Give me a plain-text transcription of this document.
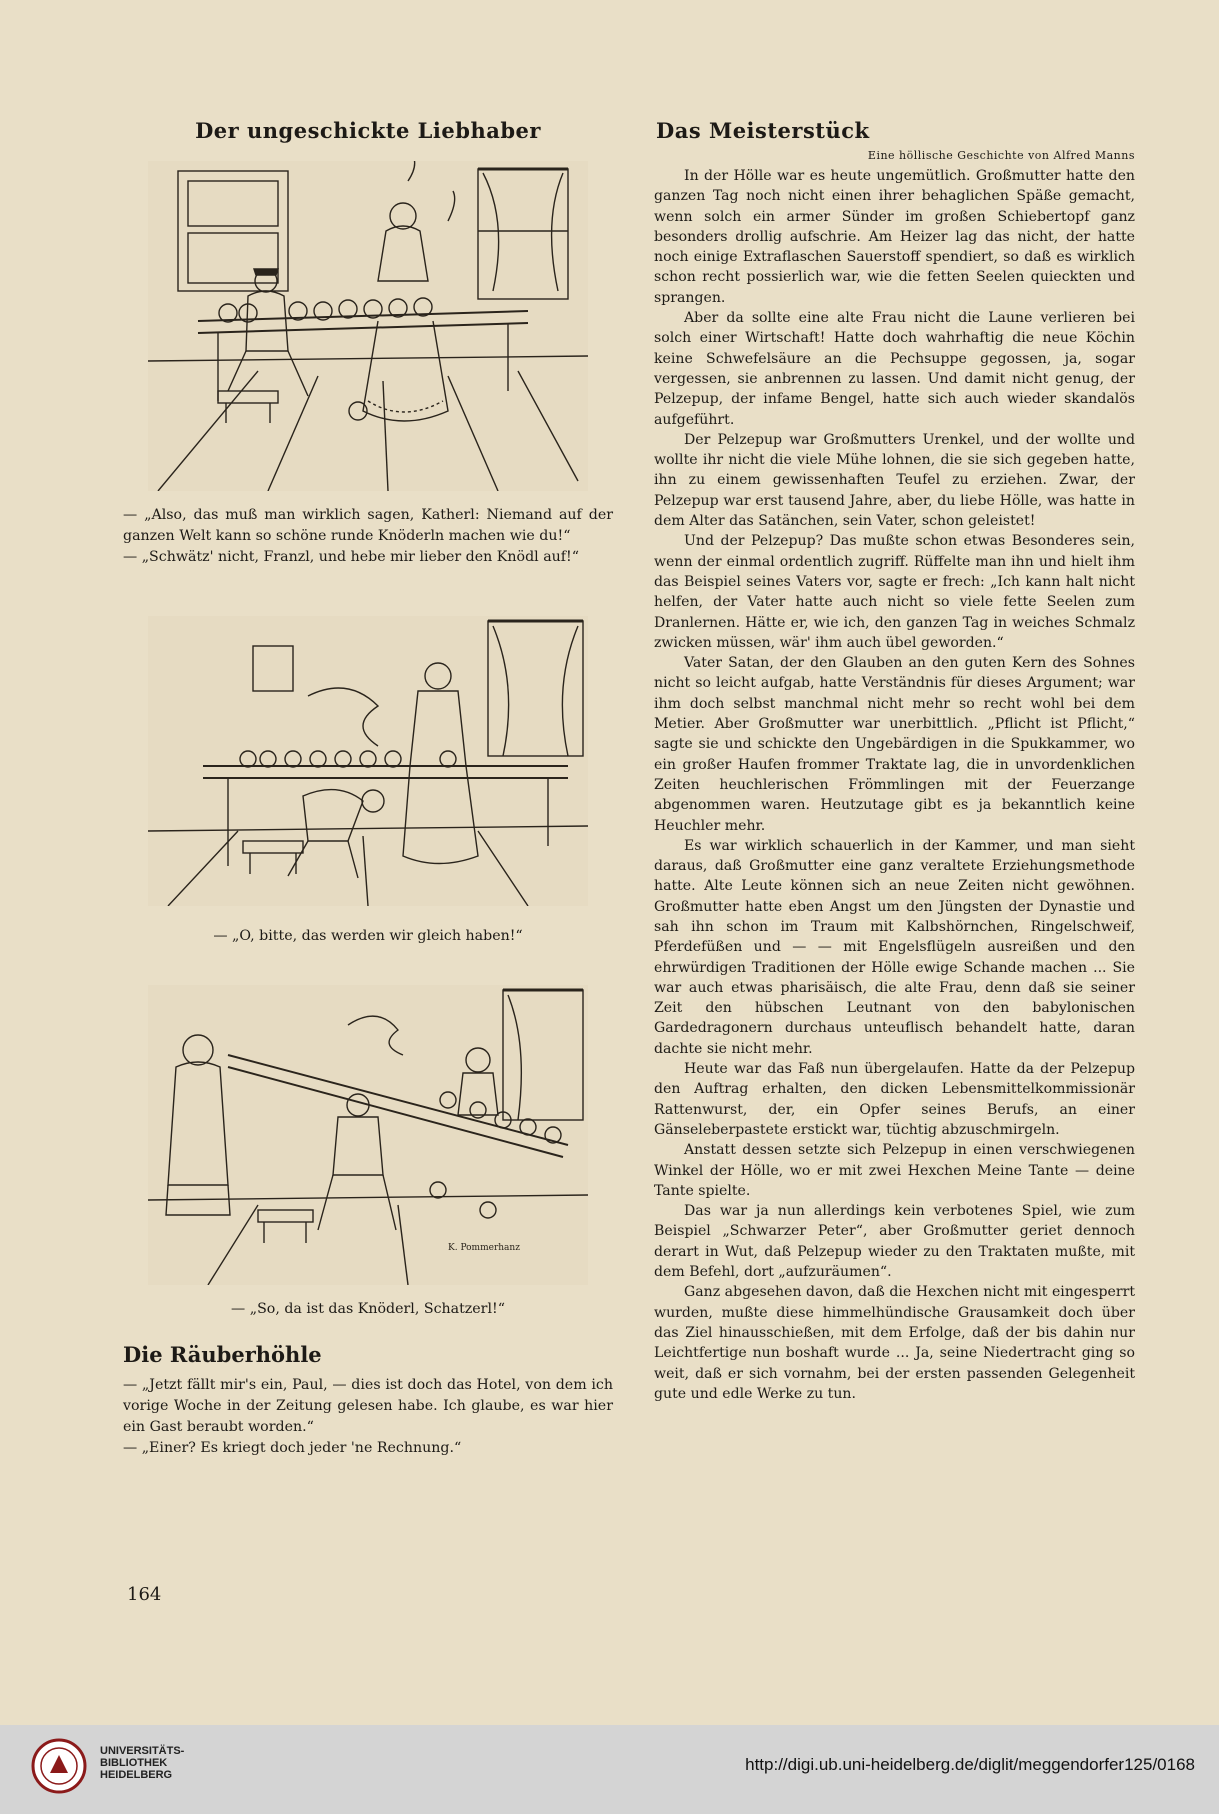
Der ungeschickte Liebhaber

— „Also, das muß man wirklich sagen, Katherl: Niemand auf der ganzen Welt kann so schöne runde Knöderln machen wie du!“

— „Schwätz' nicht, Franzl, und hebe mir lieber den Knödl auf!“

— „O, bitte, das werden wir gleich haben!“

K. Pommerhanz

— „So, da ist das Knöderl, Schatzerl!“

Die Räuberhöhle

— „Jetzt fällt mir's ein, Paul, — dies ist doch das Hotel, von dem ich vorige Woche in der Zeitung gelesen habe. Ich glaube, es war hier ein Gast beraubt worden.“

— „Einer? Es kriegt doch jeder 'ne Rechnung.“

164
Das Meisterstück
Eine höllische Geschichte von Alfred Manns

In der Hölle war es heute ungemütlich. Großmutter hatte den ganzen Tag noch nicht einen ihrer behaglichen Späße gemacht, wenn solch ein armer Sünder im großen Schiebertopf ganz besonders drollig aufschrie. Am Heizer lag das nicht, der hatte noch einige Extraflaschen Sauerstoff spendiert, so daß es wirklich schon recht possierlich war, wie die fetten Seelen quieckten und sprangen.

Aber da sollte eine alte Frau nicht die Laune verlieren bei solch einer Wirtschaft! Hatte doch wahrhaftig die neue Köchin keine Schwefelsäure an die Pechsuppe gegossen, ja, sogar vergessen, sie anbrennen zu lassen. Und damit nicht genug, der Pelzepup, der infame Bengel, hatte sich auch wieder skandalös aufgeführt.

Der Pelzepup war Großmutters Urenkel, und der wollte und wollte ihr nicht die viele Mühe lohnen, die sie sich gegeben hatte, ihn zu einem gewissenhaften Teufel zu erziehen. Zwar, der Pelzepup war erst tausend Jahre, aber, du liebe Hölle, was hatte in dem Alter das Satänchen, sein Vater, schon geleistet!

Und der Pelzepup? Das mußte schon etwas Besonderes sein, wenn der einmal ordentlich zugriff. Rüffelte man ihn und hielt ihm das Beispiel seines Vaters vor, sagte er frech: „Ich kann halt nicht helfen, der Vater hatte auch nicht so viele fette Seelen zum Dranlernen. Hätte er, wie ich, den ganzen Tag in weiches Schmalz zwicken müssen, wär' ihm auch übel geworden.“

Vater Satan, der den Glauben an den guten Kern des Sohnes nicht so leicht aufgab, hatte Verständnis für dieses Argument; war ihm doch selbst manchmal nicht mehr so recht wohl bei dem Metier. Aber Großmutter war unerbittlich. „Pflicht ist Pflicht,“ sagte sie und schickte den Ungebärdigen in die Spukkammer, wo ein großer Haufen frommer Traktate lag, die in unvordenklichen Zeiten heuchlerischen Frömmlingen mit der Feuerzange abgenommen waren. Heutzutage gibt es ja bekanntlich keine Heuchler mehr.

Es war wirklich schauerlich in der Kammer, und man sieht daraus, daß Großmutter eine ganz veraltete Erziehungsmethode hatte. Alte Leute können sich an neue Zeiten nicht gewöhnen. Großmutter hatte eben Angst um den Jüngsten der Dynastie und sah ihn schon im Traum mit Kalbshörnchen, Ringelschweif, Pferdefüßen und — — mit Engelsflügeln ausreißen und den ehrwürdigen Traditionen der Hölle ewige Schande machen ... Sie war auch etwas pharisäisch, die alte Frau, denn daß sie seiner Zeit den hübschen Leutnant von den babylonischen Gardedragonern durchaus unteuflisch behandelt hatte, daran dachte sie nicht mehr.

Heute war das Faß nun übergelaufen. Hatte da der Pelzepup den Auftrag erhalten, den dicken Lebensmittelkommissionär Rattenwurst, der, ein Opfer seines Berufs, an einer Gänseleberpastete erstickt war, tüchtig abzuschmirgeln.

Anstatt dessen setzte sich Pelzepup in einen verschwiegenen Winkel der Hölle, wo er mit zwei Hexchen Meine Tante — deine Tante spielte.

Das war ja nun allerdings kein verbotenes Spiel, wie zum Beispiel „Schwarzer Peter“, aber Großmutter geriet dennoch derart in Wut, daß Pelzepup wieder zu den Traktaten mußte, mit dem Befehl, dort „aufzuräumen“.

Ganz abgesehen davon, daß die Hexchen nicht mit eingesperrt wurden, mußte diese himmelhündische Grausamkeit doch über das Ziel hinausschießen, mit dem Erfolge, daß der bis dahin nur Leichtfertige nun boshaft wurde ... Ja, seine Niedertracht ging so weit, daß er sich vornahm, bei der ersten passenden Gelegenheit gute und edle Werke zu tun.

UNIVERSITÄTS-
BIBLIOTHEK
HEIDELBERG
http://digi.ub.uni-heidelberg.de/diglit/meggendorfer125/0168
